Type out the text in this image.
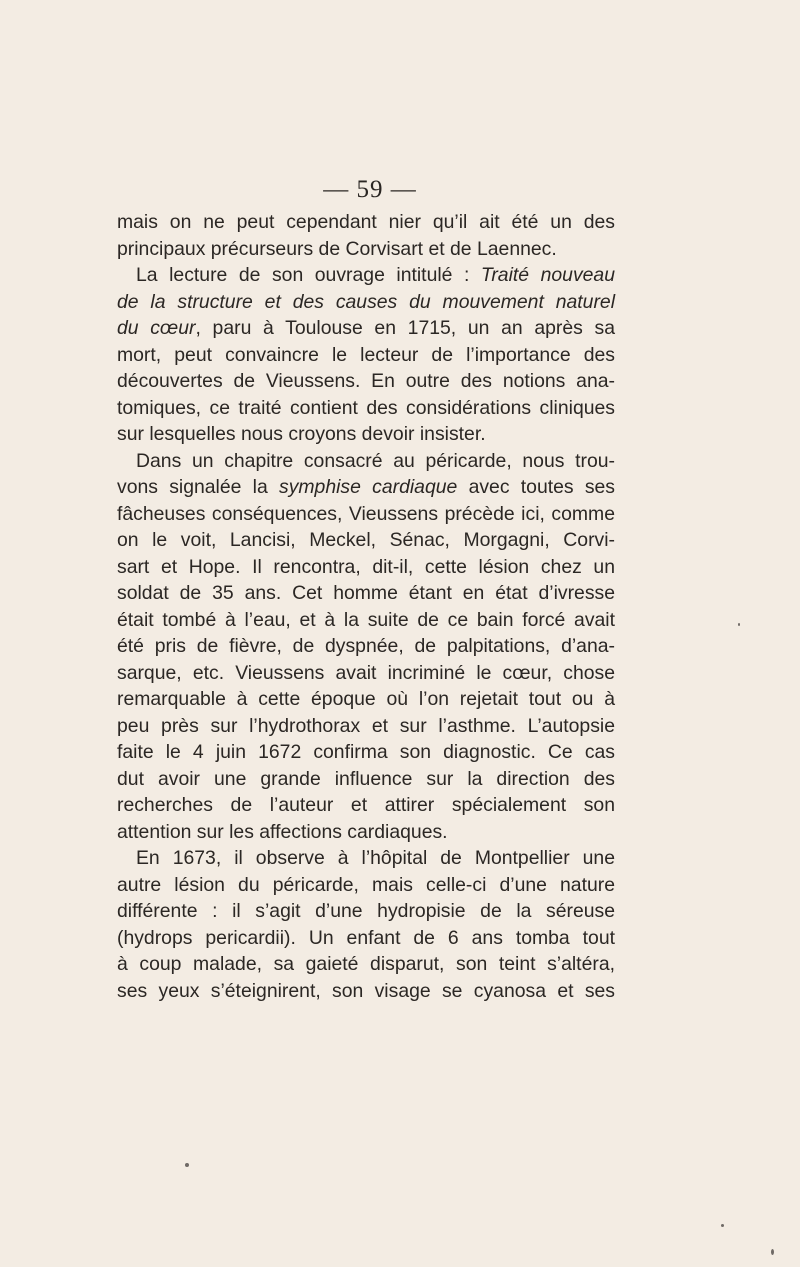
— 59 —
mais on ne peut cependant nier qu’il ait été un des
principaux précurseurs de Corvisart et de Laennec.
La lecture de son ouvrage intitulé : Traité nouveau
de la structure et des causes du mouvement naturel
du cœur, paru à Toulouse en 1715, un an après sa
mort, peut convaincre le lecteur de l’importance des
découvertes de Vieussens. En outre des notions ana-
tomiques, ce traité contient des considérations cliniques
sur lesquelles nous croyons devoir insister.
Dans un chapitre consacré au péricarde, nous trou-
vons signalée la symphise cardiaque avec toutes ses
fâcheuses conséquences, Vieussens précède ici, comme
on le voit, Lancisi, Meckel, Sénac, Morgagni, Corvi-
sart et Hope. Il rencontra, dit-il, cette lésion chez un
soldat de 35 ans. Cet homme étant en état d’ivresse
était tombé à l’eau, et à la suite de ce bain forcé avait
été pris de fièvre, de dyspnée, de palpitations, d’ana-
sarque, etc. Vieussens avait incriminé le cœur, chose
remarquable à cette époque où l’on rejetait tout ou à
peu près sur l’hydrothorax et sur l’asthme. L’autopsie
faite le 4 juin 1672 confirma son diagnostic. Ce cas
dut avoir une grande influence sur la direction des
recherches de l’auteur et attirer spécialement son
attention sur les affections cardiaques.
En 1673, il observe à l’hôpital de Montpellier une
autre lésion du péricarde, mais celle-ci d’une nature
différente : il s’agit d’une hydropisie de la séreuse
(hydrops pericardii). Un enfant de 6 ans tomba tout
à coup malade, sa gaieté disparut, son teint s’altéra,
ses yeux s’éteignirent, son visage se cyanosa et ses
